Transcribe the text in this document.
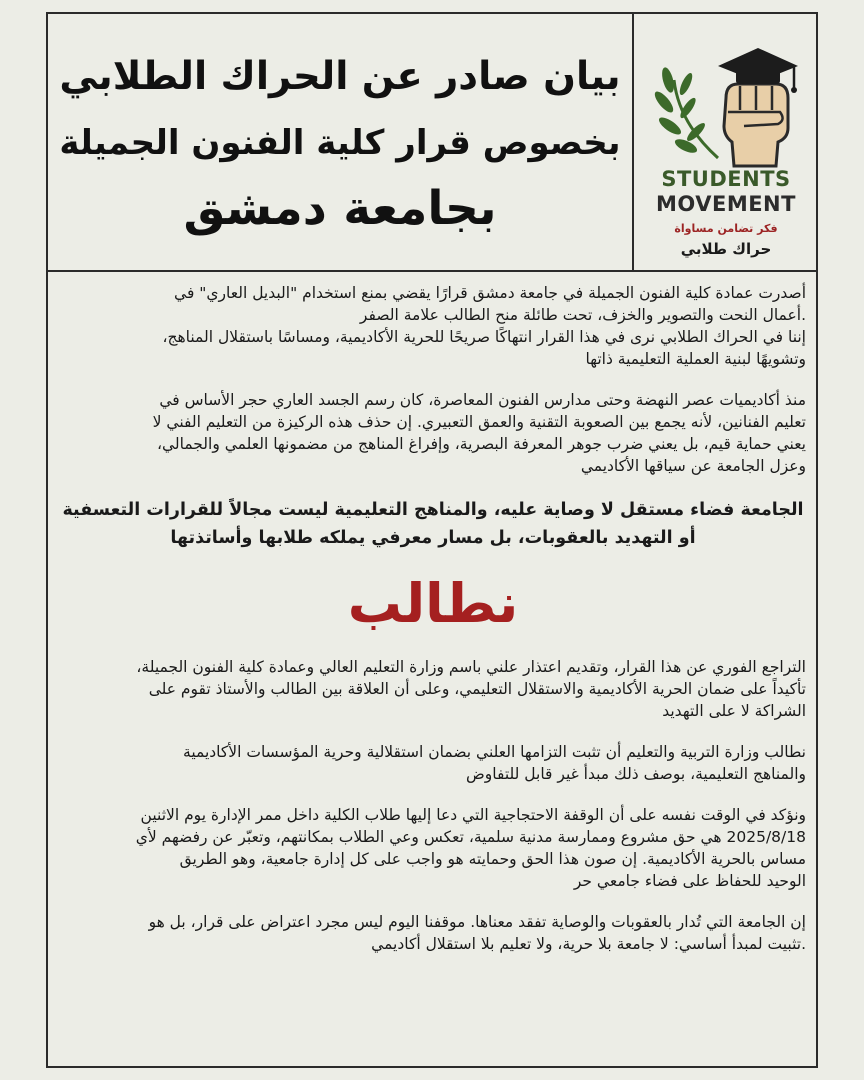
بيان صادر عن الحراك الطلابي
بخصوص قرار كلية الفنون الجميلة
بجامعة دمشق
STUDENTS
MOVEMENT
فكر تضامن مساواة
حراك طلابي
أصدرت عمادة كلية الفنون الجميلة في جامعة دمشق قرارًا يقضي بمنع استخدام "البديل العاري" في
.أعمال النحت والتصوير والخزف، تحت طائلة منح الطالب علامة الصفر
إننا في الحراك الطلابي نرى في هذا القرار انتهاكًا صريحًا للحرية الأكاديمية، ومساسًا باستقلال المناهج،
وتشويهًا لبنية العملية التعليمية ذاتها
منذ أكاديميات عصر النهضة وحتى مدارس الفنون المعاصرة، كان رسم الجسد العاري حجر الأساس في
تعليم الفنانين، لأنه يجمع بين الصعوبة التقنية والعمق التعبيري. إن حذف هذه الركيزة من التعليم الفني لا
يعني حماية قيم، بل يعني ضرب جوهر المعرفة البصرية، وإفراغ المناهج من مضمونها العلمي والجمالي،
وعزل الجامعة عن سياقها الأكاديمي
الجامعة فضاء مستقل لا وصاية عليه، والمناهج التعليمية ليست مجالاً للقرارات التعسفية
أو التهديد بالعقوبات، بل مسار معرفي يملكه طلابها وأساتذتها
نطالب
التراجع الفوري عن هذا القرار، وتقديم اعتذار علني باسم وزارة التعليم العالي وعمادة كلية الفنون الجميلة،
تأكيداً على ضمان الحرية الأكاديمية والاستقلال التعليمي، وعلى أن العلاقة بين الطالب والأستاذ تقوم على
الشراكة لا على التهديد
نطالب وزارة التربية والتعليم أن تثبت التزامها العلني بضمان استقلالية وحرية المؤسسات الأكاديمية
والمناهج التعليمية، بوصف ذلك مبدأ غير قابل للتفاوض
ونؤكد في الوقت نفسه على أن الوقفة الاحتجاجية التي دعا إليها طلاب الكلية داخل ممر الإدارة يوم الاثنين
2025/8/18 هي حق مشروع وممارسة مدنية سلمية، تعكس وعي الطلاب بمكانتهم، وتعبّر عن رفضهم لأي
مساس بالحرية الأكاديمية. إن صون هذا الحق وحمايته هو واجب على كل إدارة جامعية، وهو الطريق
الوحيد للحفاظ على فضاء جامعي حر
إن الجامعة التي تُدار بالعقوبات والوصاية تفقد معناها. موقفنا اليوم ليس مجرد اعتراض على قرار، بل هو
.تثبيت لمبدأ أساسي: لا جامعة بلا حرية، ولا تعليم بلا استقلال أكاديمي
